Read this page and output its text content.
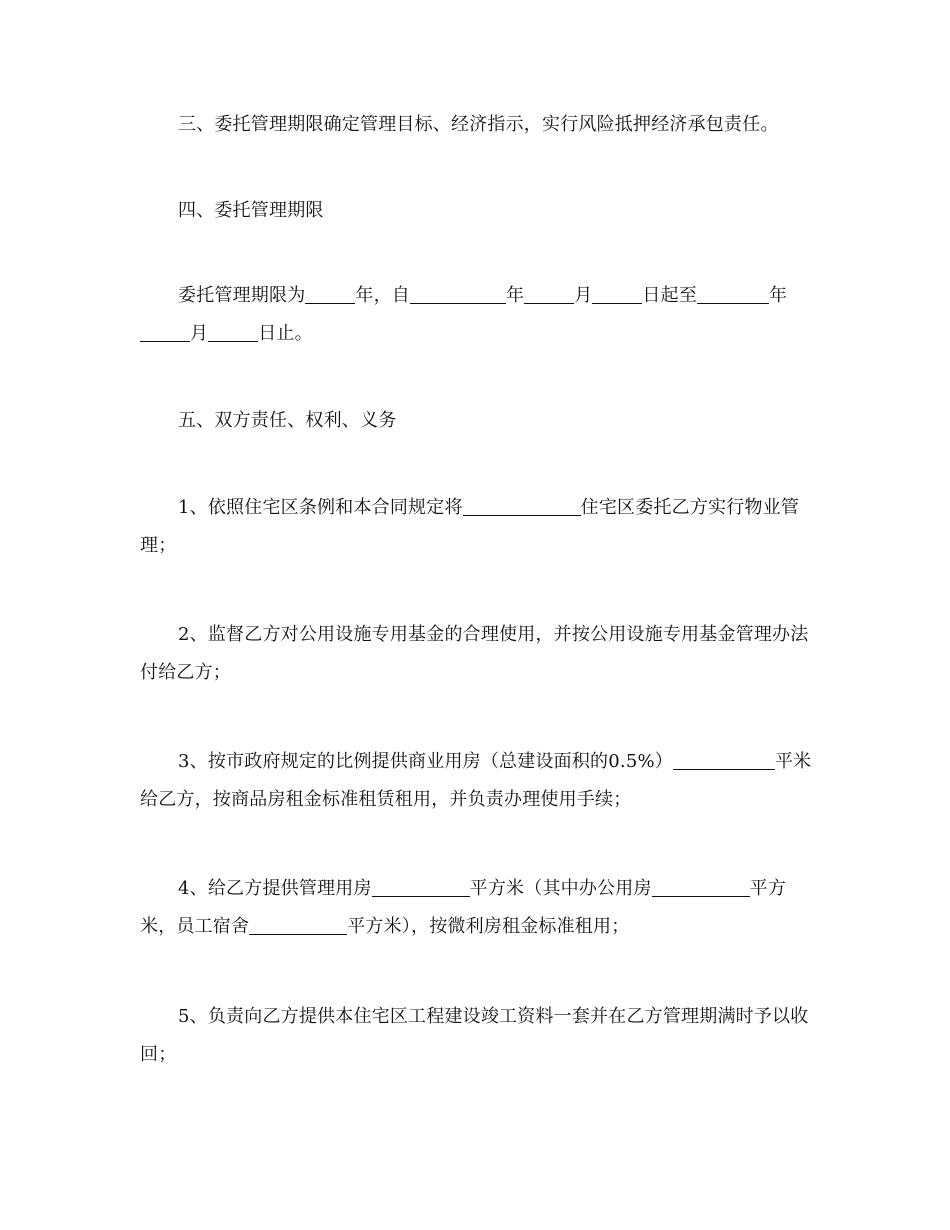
三、委托管理期限确定管理目标、经济指示，实行风险抵押经济承包责任。
四、委托管理期限
委托管理期限为	年，自	年	月	日起至	年月	日止。
五、双方责任、权利、义务
1、依照住宅区条例和本合同规定将	住宅区委托乙方实行物业管理；
2、监督乙方对公用设施专用基金的合理使用，并按公用设施专用基金管理办法付给乙方；
3、按市政府规定的比例提供商业用房（总建设面积的0.5%）	平米给乙方，按商品房租金标准租赁租用，并负责办理使用手续；
4、给乙方提供管理用房	平方米（其中办公用房	平方米，员工宿舍	平方米），按微利房租金标准租用；
5、负责向乙方提供本住宅区工程建设竣工资料一套并在乙方管理期满时予以收回；
